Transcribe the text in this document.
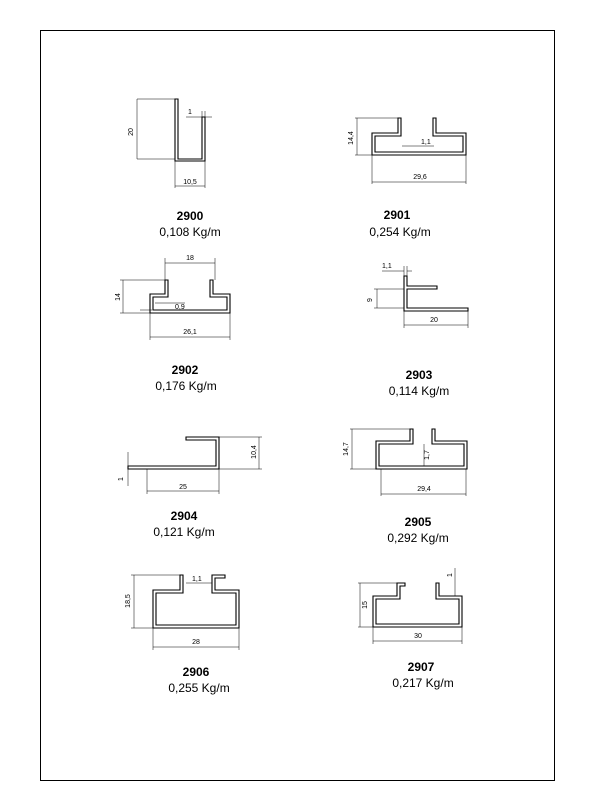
20
1
10,5
2900
0,108 Kg/m
14,4	1,1
29,6
2901
0,254 Kg/m
18
14
0,9
26,1
2902
0,176 Kg/m
1,1
9
20
2903
0,114 Kg/m
10,4
1
25
2904
0,121 Kg/m
14,7	1,7
29,4
2905
0,292 Kg/m
18,5
1,1
28
2906
0,255 Kg/m
15
1
30
2907
0,217 Kg/m
